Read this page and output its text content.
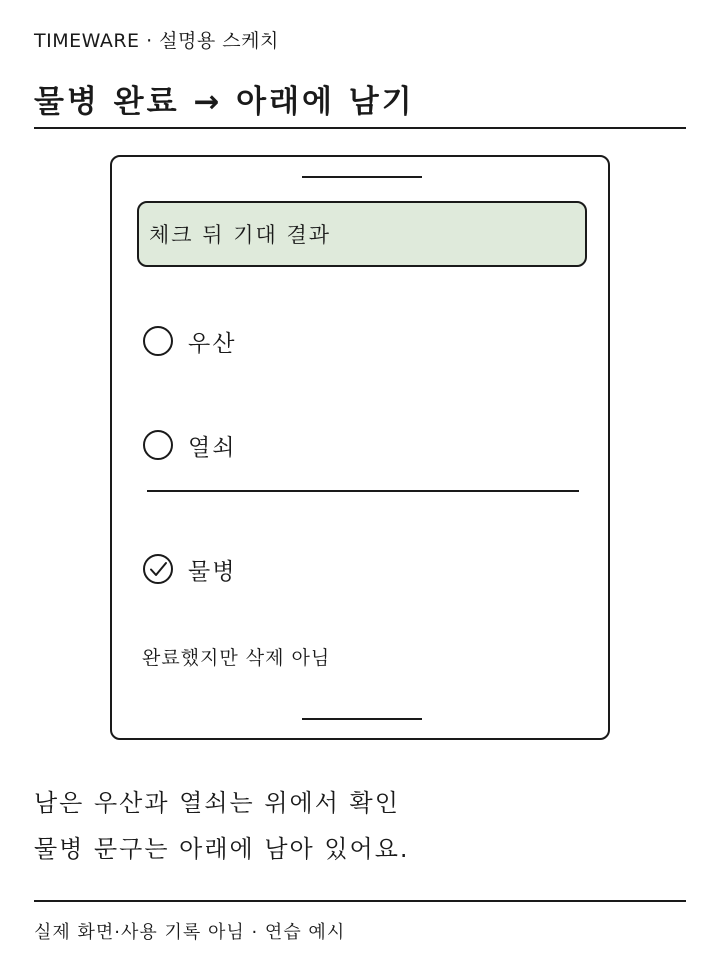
TIMEWARE · 설명용 스케치
물병 완료 → 아래에 남기
체크 뒤 기대 결과
우산
열쇠
물병
완료했지만 삭제 아님
남은 우산과 열쇠는 위에서 확인
물병 문구는 아래에 남아 있어요.
실제 화면·사용 기록 아님 · 연습 예시
